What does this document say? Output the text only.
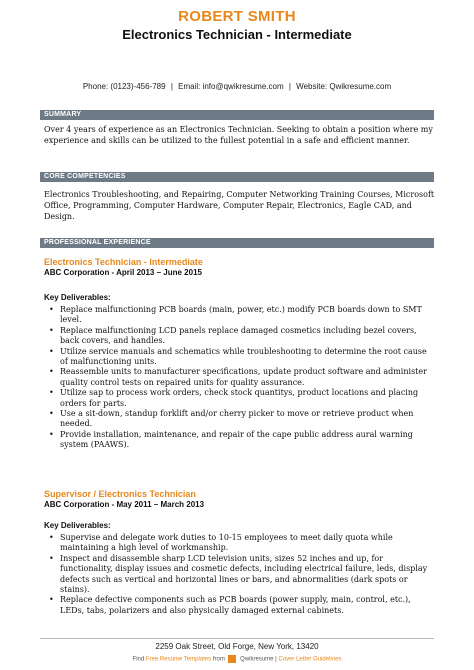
ROBERT SMITH
Electronics Technician - Intermediate
Phone: (0123)-456-789 | Email: info@qwikresume.com | Website: Qwikresume.com
SUMMARY
Over 4 years of experience as an Electronics Technician. Seeking to obtain a position where my experience and skills can be utilized to the fullest potential in a safe and efficient manner.
CORE COMPETENCIES
Electronics Troubleshooting, and Repairing, Computer Networking Training Courses, Microsoft Office, Programming, Computer Hardware, Computer Repair, Electronics, Eagle CAD, and Design.
PROFESSIONAL EXPERIENCE
Electronics Technician - Intermediate
ABC Corporation - April 2013 – June 2015
Key Deliverables:
• Replace malfunctioning PCB boards (main, power, etc.) modify PCB boards down to SMT level.
• Replace malfunctioning LCD panels replace damaged cosmetics including bezel covers, back covers, and handles.
• Utilize service manuals and schematics while troubleshooting to determine the root cause of malfunctioning units.
• Reassemble units to manufacturer specifications, update product software and administer quality control tests on repaired units for quality assurance.
• Utilize sap to process work orders, check stock quantitys, product locations and placing orders for parts.
• Use a sit-down, standup forklift and/or cherry picker to move or retrieve product when needed.
• Provide installation, maintenance, and repair of the cape public address aural warning system (PAAWS).
Supervisor / Electronics Technician
ABC Corporation - May 2011 – March 2013
Key Deliverables:
• Supervise and delegate work duties to 10-15 employees to meet daily quota while maintaining a high level of workmanship.
• Inspect and disassemble sharp LCD television units, sizes 52 inches and up, for functionality, display issues and cosmetic defects, including electrical failure, leds, display defects such as vertical and horizontal lines or bars, and abnormalities (dark spots or stains).
• Replace defective components such as PCB boards (power supply, main, control, etc.), LEDs, tabs, polarizers and also physically damaged external cabinets.
2259 Oak Street, Old Forge, New York, 13420
Find Free Resume Templates from	Qwikresume | Cover Letter Guidelines
